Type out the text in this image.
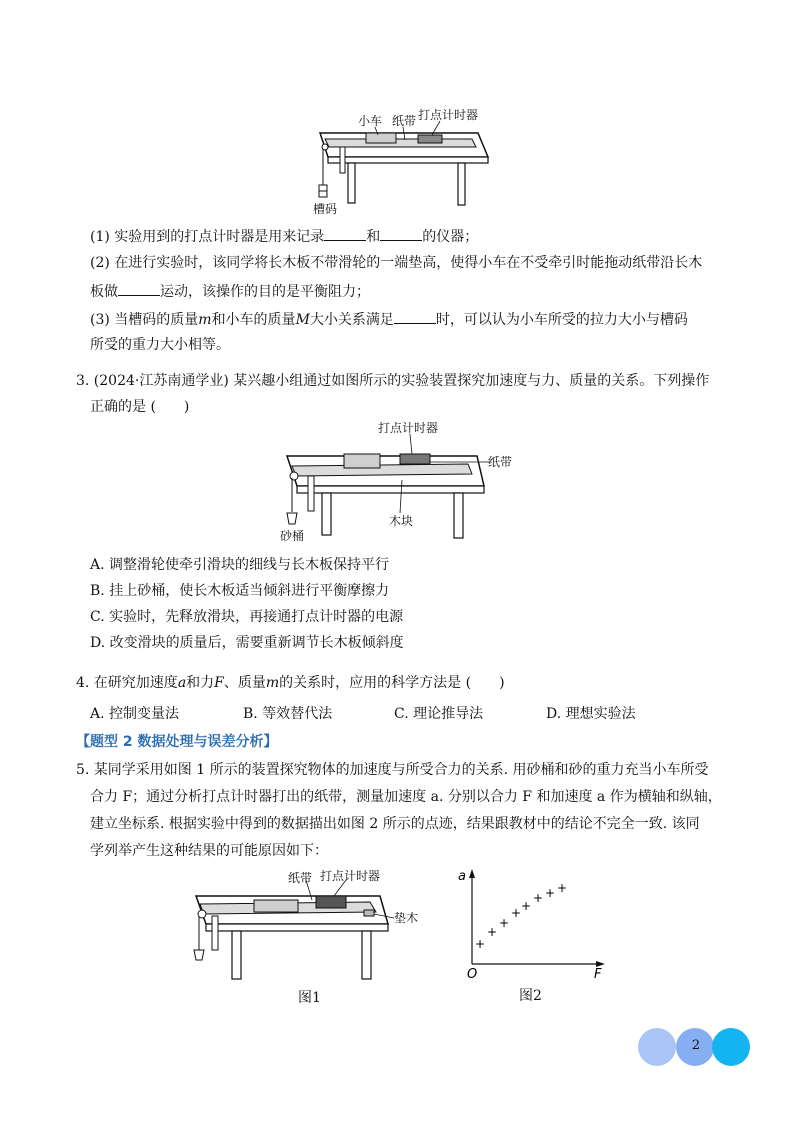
小车 纸带 打点计时器
槽码
(1) 实验用到的打点计时器是用来记录	和	的仪器；
(2) 在进行实验时，该同学将长木板不带滑轮的一端垫高，使得小车在不受牵引时能拖动纸带沿长木
板做	运动，该操作的目的是平衡阻力；
(3) 当槽码的质量m和小车的质量M大小关系满足	时，可以认为小车所受的拉力大小与槽码
所受的重力大小相等。
3. (2024·江苏南通学业) 某兴趣小组通过如图所示的实验装置探究加速度与力、质量的关系。下列操作
正确的是 ( )
打点计时器
纸带
木块
砂桶
A. 调整滑轮使牵引滑块的细线与长木板保持平行
B. 挂上砂桶，使长木板适当倾斜进行平衡摩擦力
C. 实验时，先释放滑块，再接通打点计时器的电源
D. 改变滑块的质量后，需要重新调节长木板倾斜度
4. 在研究加速度a和力F、质量m的关系时，应用的科学方法是 ( )
A. 控制变量法	B. 等效替代法	C. 理论推导法	D. 理想实验法
【题型 2 数据处理与误差分析】
5. 某同学采用如图 1 所示的装置探究物体的加速度与所受合力的关系. 用砂桶和砂的重力充当小车所受
合力 F；通过分析打点计时器打出的纸带，测量加速度 a. 分别以合力 F 和加速度 a 作为横轴和纵轴，
建立坐标系. 根据实验中得到的数据描出如图 2 所示的点迹，结果跟教材中的结论不完全一致. 该同
学列举产生这种结果的可能原因如下：
纸带 打点计时器
垫木
图1
a
F
O
+
+
+
+ +
+ + +
图2
2
